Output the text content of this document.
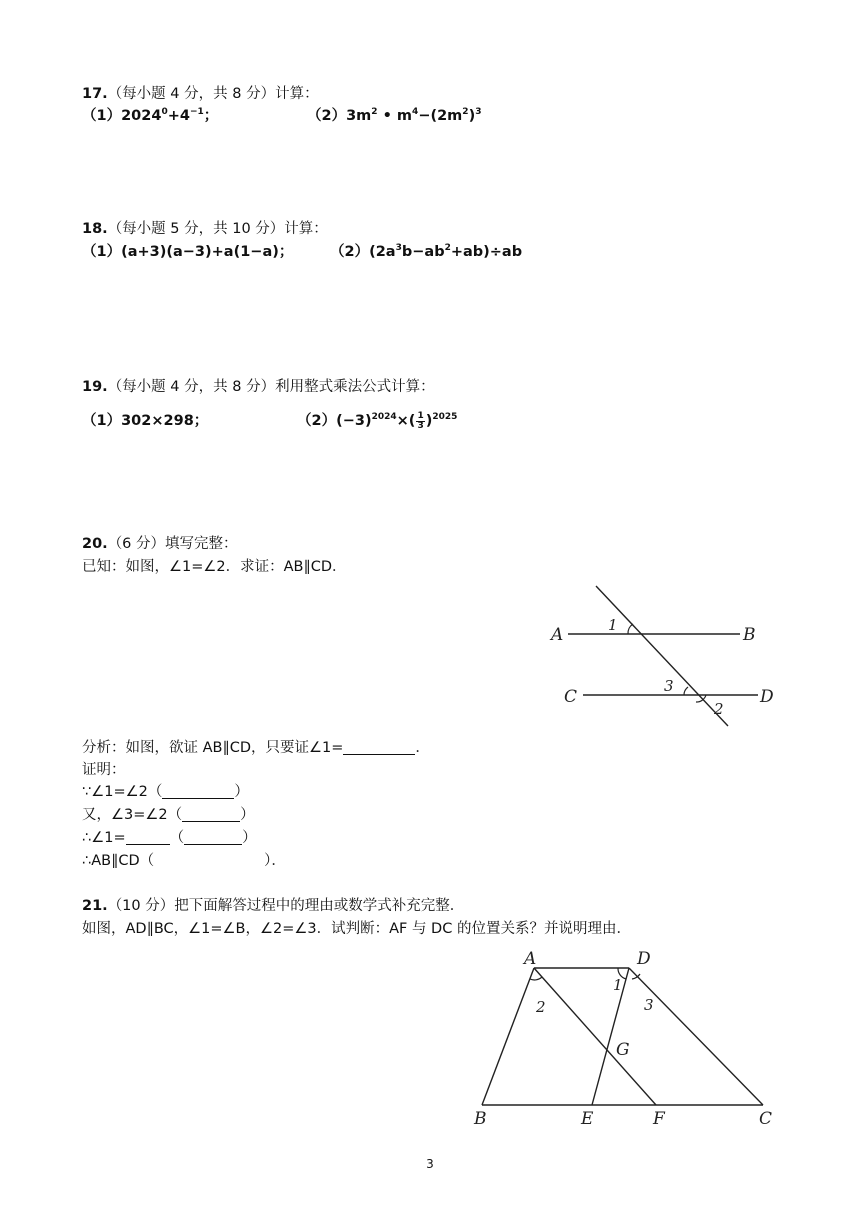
17.（每小题 4 分，共 8 分）计算：
$(1)2024^0+4^{-1}$；	$(2)3m^2$ • $m^4-(2m^2)^3$
18.（每小题 5 分，共 10 分）计算：
（1）(a+3)(a−3)+a(1−a)；	$(2)(2a^3b-ab^2+ab)\div ab$
19.（每小题 4 分，共 8 分）利用整式乘法公式计算：
（1）302×298；	$(2)(-3)^{2024}\times( \frac{1}{3} )^{2025}$
20.（6 分）填写完整：
已知：如图，∠1=∠2．求证：AB∥CD．
A	B
C	D
1
3
2
分析：如图，欲证 AB∥CD，只要证∠1=	．
证明：
∵∠1=∠2（	）
又，∠3=∠2（	）
∴∠1=	（	）
∴AB∥CD（	）．
21.（10 分）把下面解答过程中的理由或数学式补充完整．
如图，AD∥BC，∠1=∠B，∠2=∠3．试判断：AF 与 DC 的位置关系？并说明理由．
A	D
B	E	F	C
G
2
1
3
3
